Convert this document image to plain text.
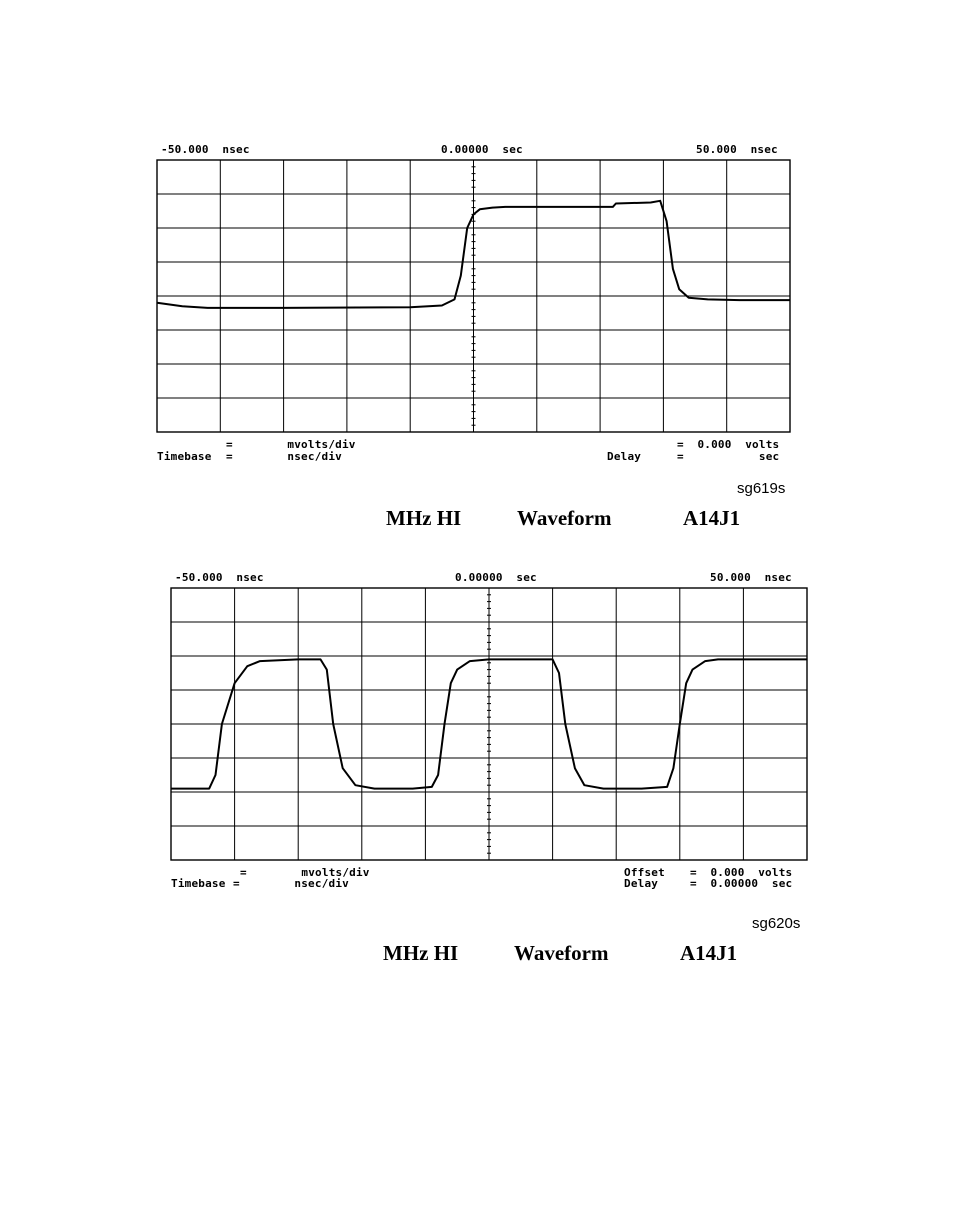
-50.000  nsec	0.00000  sec	50.000  nsec
=        mvolts/div
Timebase =        nsec/div
=  0.000  volts
Delay	=           sec
sg619s
MHz HI	Waveform	A14J1
-50.000  nsec	0.00000  sec	50.000  nsec
=        mvolts/div
Timebase =        nsec/div
Offset =  0.000  volts
Delay	=  0.00000  sec
sg620s
MHz HI	Waveform	A14J1
